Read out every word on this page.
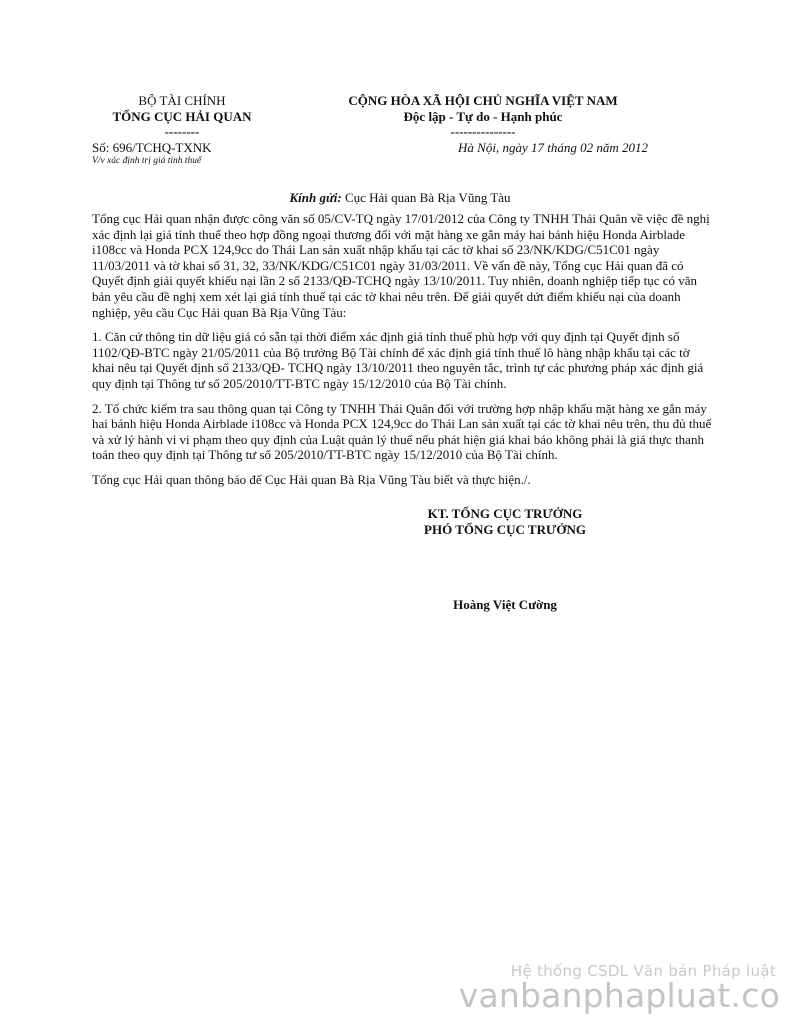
BỘ TÀI CHÍNH
TỔNG CỤC HẢI QUAN
--------
Số: 696/TCHQ-TXNK
V/v xác định trị giá tính thuế
CỘNG HÒA XÃ HỘI CHỦ NGHĨA VIỆT NAM
Độc lập - Tự do - Hạnh phúc
---------------
Hà Nội, ngày 17 tháng 02 năm 2012
Kính gửi: Cục Hải quan Bà Rịa Vũng Tàu

Tổng cục Hải quan nhận được công văn số 05/CV-TQ ngày 17/01/2012 của Công ty TNHH Thái Quân về việc đề nghị xác định lại giá tính thuế theo hợp đồng ngoại thương đối với mặt hàng xe gắn máy hai bánh hiệu Honda Airblade i108cc và Honda PCX 124,9cc do Thái Lan sản xuất nhập khẩu tại các tờ khai số 23/NK/KDG/C51C01 ngày 11/03/2011 và tờ khai số 31, 32, 33/NK/KDG/C51C01 ngày 31/03/2011. Về vấn đề này, Tổng cục Hải quan đã có Quyết định giải quyết khiếu nại lần 2 số 2133/QĐ-TCHQ ngày 13/10/2011. Tuy nhiên, doanh nghiệp tiếp tục có văn bản yêu cầu đề nghị xem xét lại giá tính thuế tại các tờ khai nêu trên. Để giải quyết dứt điểm khiếu nại của doanh nghiệp, yêu cầu Cục Hải quan Bà Rịa Vũng Tàu:

1. Căn cứ thông tin dữ liệu giá có sẵn tại thời điểm xác định giá tính thuế phù hợp với quy định tại Quyết định số 1102/QĐ-BTC ngày 21/05/2011 của Bộ trưởng Bộ Tài chính để xác định giá tính thuế lô hàng nhập khẩu tại các tờ khai nêu tại Quyết định số 2133/QĐ- TCHQ ngày 13/10/2011 theo nguyên tắc, trình tự các phương pháp xác định giá quy định tại Thông tư số 205/2010/TT-BTC ngày 15/12/2010 của Bộ Tài chính.

2. Tổ chức kiểm tra sau thông quan tại Công ty TNHH Thái Quân đối với trường hợp nhập khẩu mặt hàng xe gắn máy hai bánh hiệu Honda Airblade i108cc và Honda PCX 124,9cc do Thái Lan sản xuất tại các tờ khai nêu trên, thu đủ thuế và xử lý hành vi vi phạm theo quy định của Luật quản lý thuế nếu phát hiện giá khai báo không phải là giá thực thanh toán theo quy định tại Thông tư số 205/2010/TT-BTC ngày 15/12/2010 của Bộ Tài chính.

Tổng cục Hải quan thông báo để Cục Hải quan Bà Rịa Vũng Tàu biết và thực hiện./.

KT. TỔNG CỤC TRƯỞNG
PHÓ TỔNG CỤC TRƯỞNG
Hoàng Việt Cường
Hệ thống CSDL Văn bản Pháp luật
vanbanphapluat.co
